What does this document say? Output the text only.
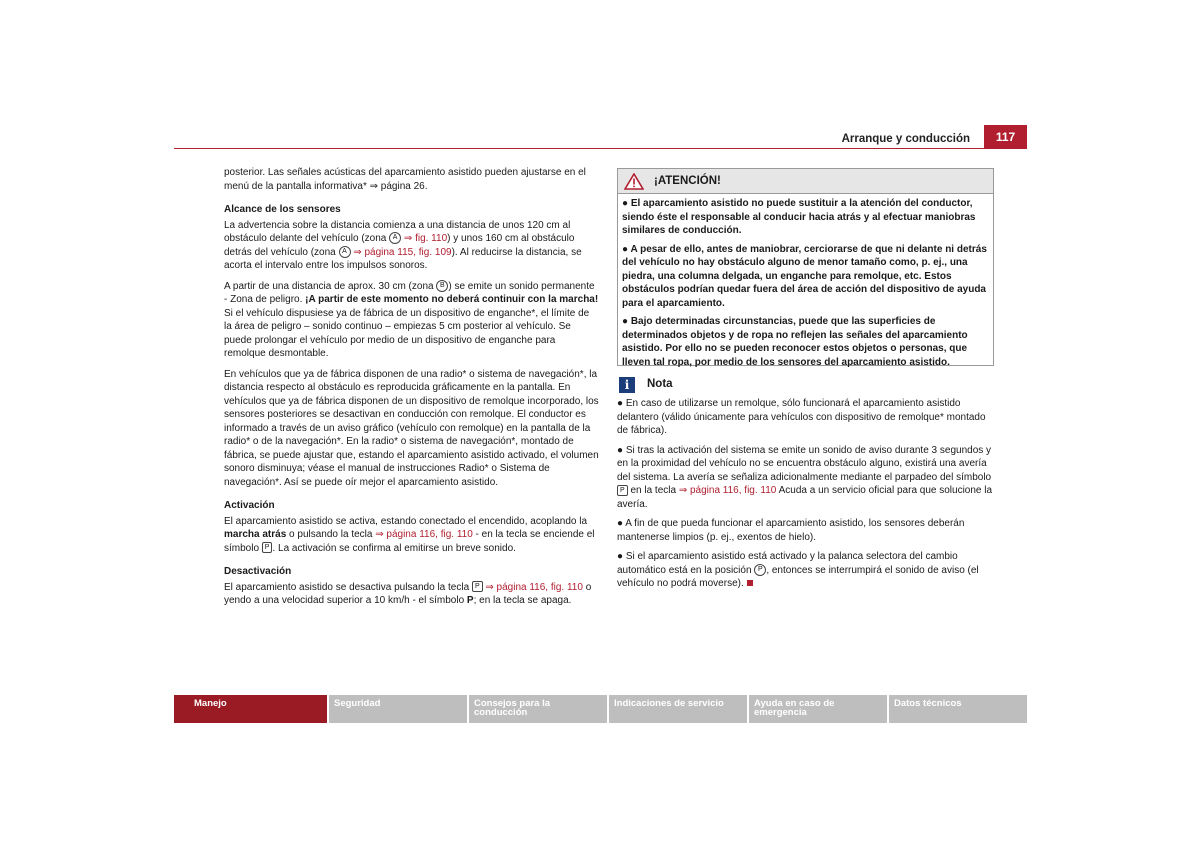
Arranque y conducción	117

posterior. Las señales acústicas del aparcamiento asistido pueden ajustarse en el menú de la pantalla informativa* ⇒ página 26.

Alcance de los sensores

La advertencia sobre la distancia comienza a una distancia de unos 120 cm al obstáculo delante del vehículo (zona A ⇒ fig. 110) y unos 160 cm al obstáculo detrás del vehículo (zona A ⇒ página 115, fig. 109). Al reducirse la distancia, se acorta el intervalo entre los impulsos sonoros.

A partir de una distancia de aprox. 30 cm (zona B ) se emite un sonido permanente - Zona de peligro. ¡A partir de este momento no deberá continuir con la marcha! Si el vehículo dispusiese ya de fábrica de un dispositivo de enganche*, el límite de la área de peligro – sonido continuo – empiezas 5 cm posterior al vehículo. Se puede prolongar el vehículo por medio de un dispositivo de enganche para remolque desmontable.

En vehículos que ya de fábrica disponen de una radio* o sistema de navegación*, la distancia respecto al obstáculo es reproducida gráficamente en la pantalla. En vehículos que ya de fábrica disponen de un dispositivo de remolque incorporado, los sensores posteriores se desactivan en conducción con remolque. El conductor es informado a través de un aviso gráfico (vehículo con remolque) en la pantalla de la radio* o de la navegación*. En la radio* o sistema de navegación*, montado de fábrica, se puede ajustar que, estando el aparcamiento asistido activado, el volumen sonoro disminuya; véase el manual de instrucciones Radio* o Sistema de navegación*. Así se puede oír mejor el aparcamiento asistido.

Activación

El aparcamiento asistido se activa, estando conectado el encendido, acoplando la marcha atrás o pulsando la tecla ⇒ página 116, fig. 110 - en la tecla se enciende el símbolo P . La activación se confirma al emitirse un breve sonido.

Desactivación

El aparcamiento asistido se desactiva pulsando la tecla P ⇒ página 116, fig. 110 o yendo a una velocidad superior a 10 km/h - el símbolo P; en la tecla se apaga.

¡ATENCIÓN!

● El aparcamiento asistido no puede sustituir a la atención del conductor, siendo éste el responsable al conducir hacia atrás y al efectuar maniobras similares de conducción.

● A pesar de ello, antes de maniobrar, cerciorarse de que ni delante ni detrás del vehículo no hay obstáculo alguno de menor tamaño como, p. ej., una piedra, una columna delgada, un enganche para remolque, etc. Estos obstáculos podrían quedar fuera del área de acción del dispositivo de ayuda para el aparcamiento.

● Bajo determinadas circunstancias, puede que las superficies de determinados objetos y de ropa no reflejen las señales del aparcamiento asistido. Por ello no se pueden reconocer estos objetos o personas, que lleven tal ropa, por medio de los sensores del aparcamiento asistido.

i	Nota

● En caso de utilizarse un remolque, sólo funcionará el aparcamiento asistido delantero (válido únicamente para vehículos con dispositivo de remolque* montado de fábrica).

● Si tras la activación del sistema se emite un sonido de aviso durante 3 segundos y en la proximidad del vehículo no se encuentra obstáculo alguno, existirá una avería del sistema. La avería se señaliza adicionalmente mediante el parpadeo del símbolo P en la tecla ⇒ página 116, fig. 110 Acuda a un servicio oficial para que solucione la avería.

● A fin de que pueda funcionar el aparcamiento asistido, los sensores deberán mantenerse limpios (p. ej., exentos de hielo).

● Si el aparcamiento asistido está activado y la palanca selectora del cambio automático está en la posición P , entonces se interrumpirá el sonido de aviso (el vehículo no podrá moverse).

Manejo	Seguridad	Consejos para la conducción
Indicaciones de servicio	Ayuda en caso de emergencia
Datos técnicos
